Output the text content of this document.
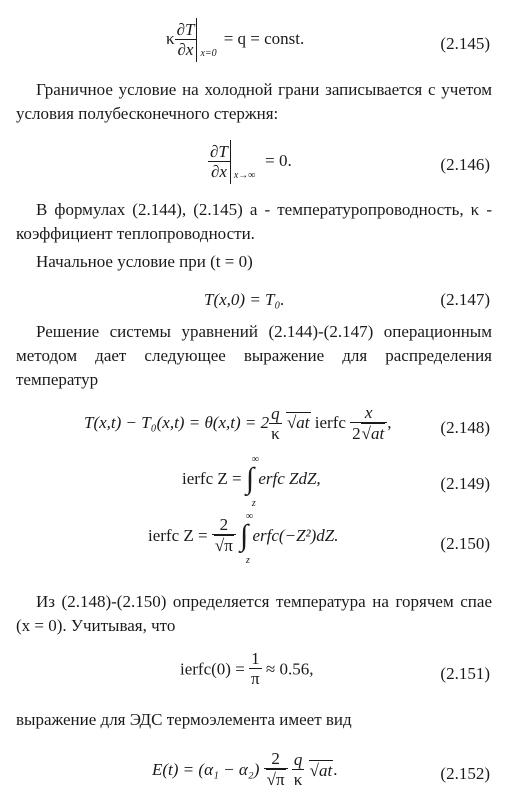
κ $\frac{\partial T}{\partial x} x=0$
= q = const.	(2.145)
Граничное условие на холодной грани записывается с учетом условия полубесконечного стержня:
$\frac{\partial T}{\partial x} x\to\infty$
= 0.	(2.146)
В формулах (2.144), (2.145) a - температуропроводность, κ - коэффициент теплопроводности.
Начальное условие при (t = 0)
T(x,0) = T₀.	(2.147)
Решение системы уравнений (2.144)-(2.147) операционным методом дает следующее выражение для распределения температур
$T(x,t) - T_0(x,t) = \theta(x,t) = 2 \frac{q}{\kappa} √at$ ierfc $\frac{x}{2√at}$ ,	(2.148)
ierfc Z = ∫
∞
z
erfc ZdZ,	(2.149)
ierfc $Z = \frac{2}{√\pi}$ ∫
∞
z
erfc(−Z²)dZ.	(2.150)
Из (2.148)-(2.150) определяется температура на горячем спае (x = 0). Учитывая, что
ierfc(0) = $\frac{1}{\pi} \approx 0.56$,	(2.151)
выражение для ЭДС термоэлемента имеет вид
$E(t) = (\alpha_1 - \alpha_2) \frac{2}{√\pi}$
$\frac{q}{\kappa} √at$.	(2.152)
